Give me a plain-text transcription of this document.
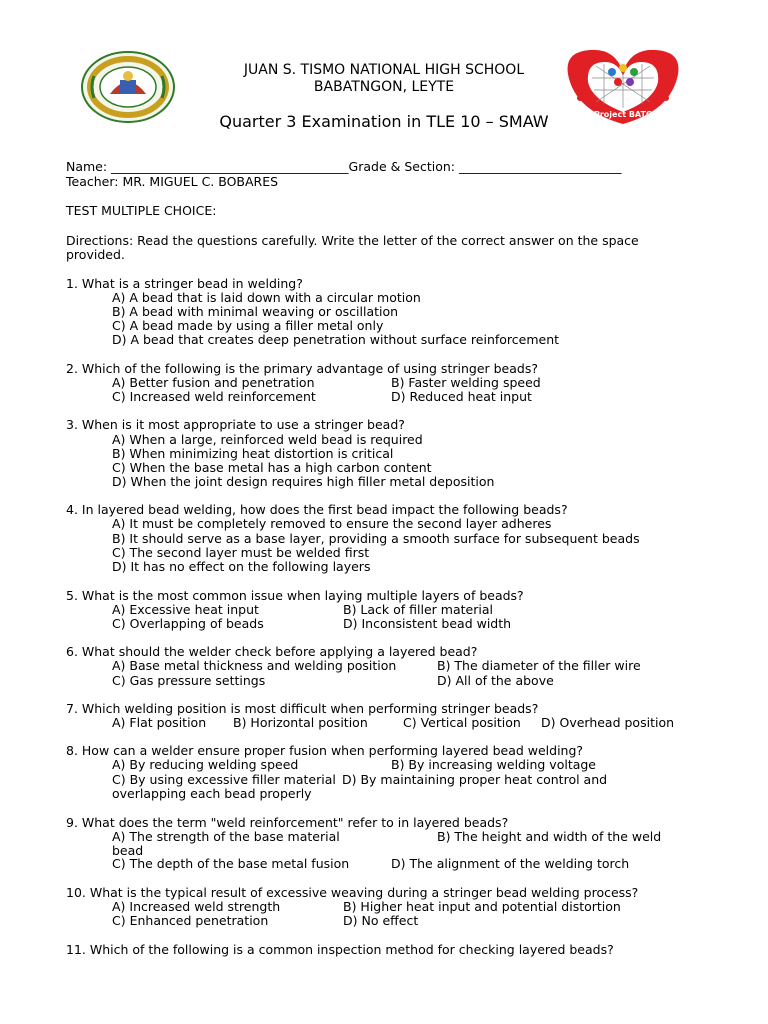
Project BATONG
JUAN S. TISMO NATIONAL HIGH SCHOOL
BABATNGON, LEYTE
Quarter 3 Examination in TLE 10 – SMAW
Name: ______________________________________Grade & Section: __________________________
Teacher: MR. MIGUEL C. BOBARES
TEST MULTIPLE CHOICE:
Directions: Read the questions carefully. Write the letter of the correct answer on the space
provided.
1. What is a stringer bead in welding?
A) A bead that is laid down with a circular motion
B) A bead with minimal weaving or oscillation
C) A bead made by using a filler metal only
D) A bead that creates deep penetration without surface reinforcement
2. Which of the following is the primary advantage of using stringer beads?
A) Better fusion and penetration	B) Faster welding speed
C) Increased weld reinforcement	D) Reduced heat input
3. When is it most appropriate to use a stringer bead?
A) When a large, reinforced weld bead is required
B) When minimizing heat distortion is critical
C) When the base metal has a high carbon content
D) When the joint design requires high filler metal deposition
4. In layered bead welding, how does the first bead impact the following beads?
A) It must be completely removed to ensure the second layer adheres
B) It should serve as a base layer, providing a smooth surface for subsequent beads
C) The second layer must be welded first
D) It has no effect on the following layers
5. What is the most common issue when laying multiple layers of beads?
A) Excessive heat input	B) Lack of filler material
C) Overlapping of beads	D) Inconsistent bead width
6. What should the welder check before applying a layered bead?
A) Base metal thickness and welding position	B) The diameter of the filler wire
C) Gas pressure settings	D) All of the above
7. Which welding position is most difficult when performing stringer beads?
A) Flat position B) Horizontal position	C) Vertical position D) Overhead position
8. How can a welder ensure proper fusion when performing layered bead welding?
A) By reducing welding speed	B) By increasing welding voltage
C) By using excessive filler material D) By maintaining proper heat control and
overlapping each bead properly
9. What does the term "weld reinforcement" refer to in layered beads?
A) The strength of the base material	B) The height and width of the weld
bead
C) The depth of the base metal fusion	D) The alignment of the welding torch
10. What is the typical result of excessive weaving during a stringer bead welding process?
A) Increased weld strength	B) Higher heat input and potential distortion
C) Enhanced penetration	D) No effect
11. Which of the following is a common inspection method for checking layered beads?
